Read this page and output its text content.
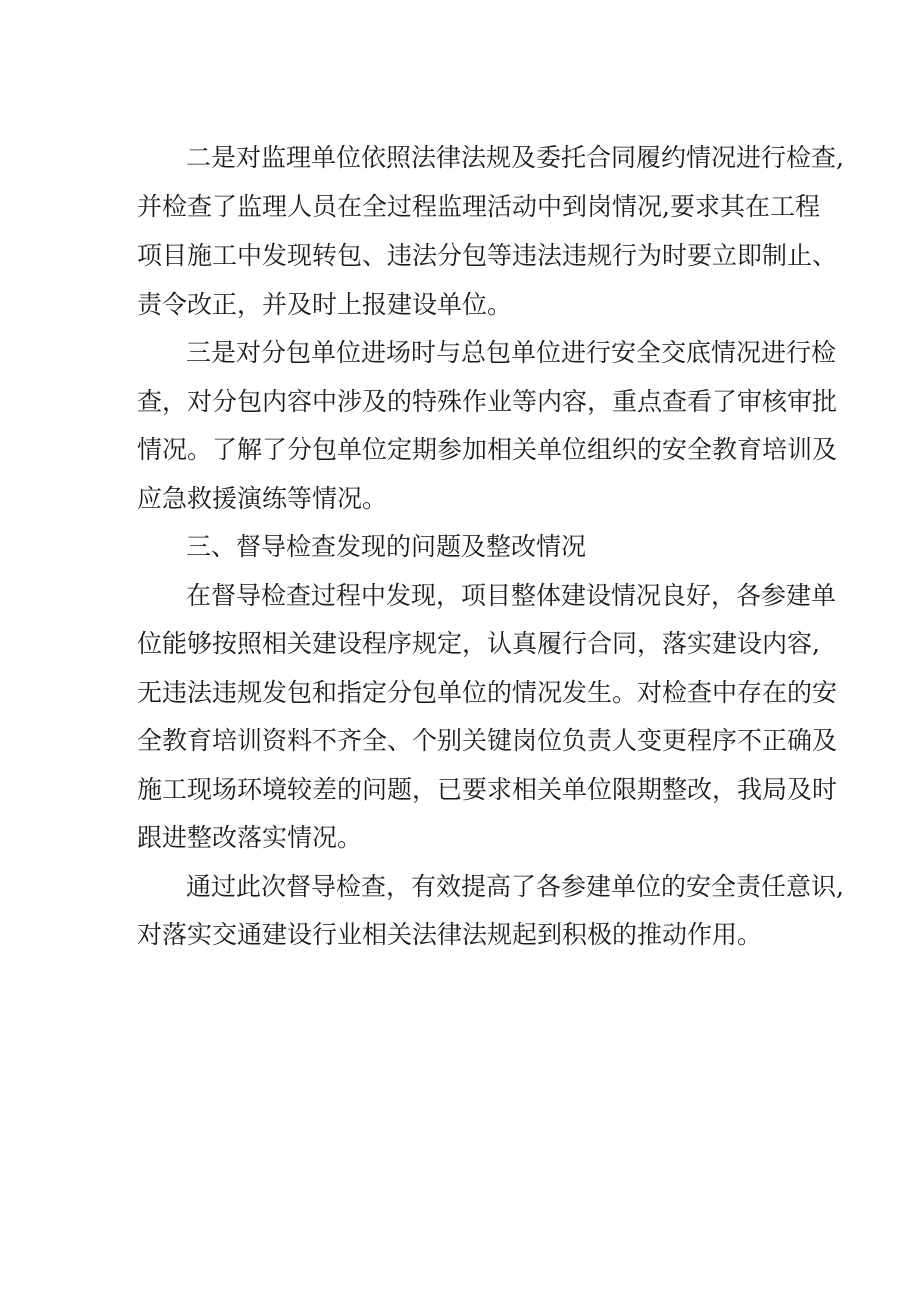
二是对监理单位依照法律法规及委托合同履约情况进行检查,

并检查了监理人员在全过程监理活动中到岗情况,要求其在工程

项目施工中发现转包、违法分包等违法违规行为时要立即制止、

责令改正，并及时上报建设单位。

三是对分包单位进场时与总包单位进行安全交底情况进行检

查，对分包内容中涉及的特殊作业等内容，重点查看了审核审批

情况。了解了分包单位定期参加相关单位组织的安全教育培训及

应急救援演练等情况。

三、督导检查发现的问题及整改情况

在督导检查过程中发现，项目整体建设情况良好，各参建单

位能够按照相关建设程序规定，认真履行合同，落实建设内容,

无违法违规发包和指定分包单位的情况发生。对检查中存在的安

全教育培训资料不齐全、个别关键岗位负责人变更程序不正确及

施工现场环境较差的问题，已要求相关单位限期整改，我局及时

跟进整改落实情况。

通过此次督导检查，有效提高了各参建单位的安全责任意识,

对落实交通建设行业相关法律法规起到积极的推动作用。
